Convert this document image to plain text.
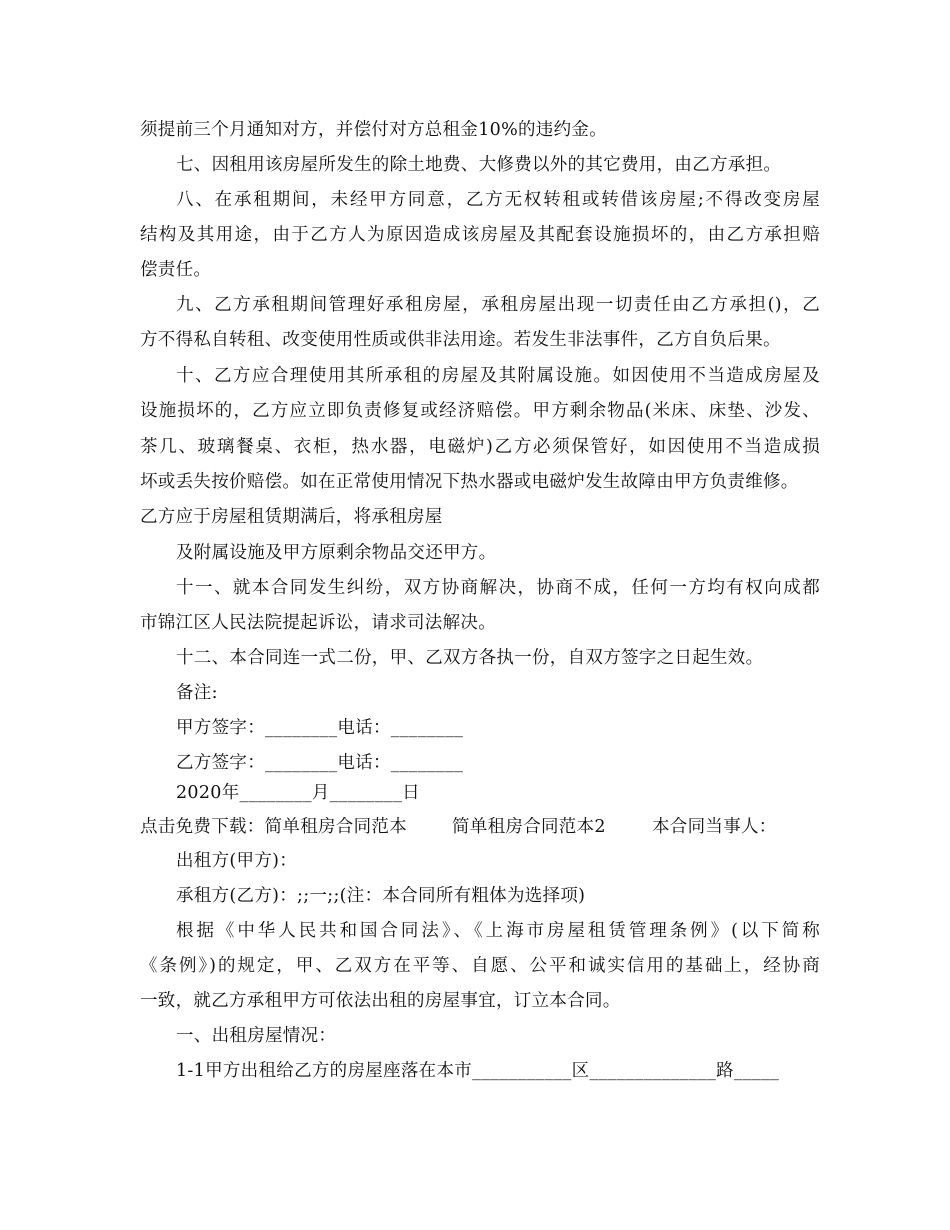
须提前三个月通知对方，并偿付对方总租金10%的违约金。
七、因租用该房屋所发生的除土地费、大修费以外的其它费用，由乙方承担。
八、在承租期间，未经甲方同意，乙方无权转租或转借该房屋;不得改变房屋
结构及其用途，由于乙方人为原因造成该房屋及其配套设施损坏的，由乙方承担赔
偿责任。
九、乙方承租期间管理好承租房屋，承租房屋出现一切责任由乙方承担()，乙
方不得私自转租、改变使用性质或供非法用途。若发生非法事件，乙方自负后果。
十、乙方应合理使用其所承租的房屋及其附属设施。如因使用不当造成房屋及
设施损坏的，乙方应立即负责修复或经济赔偿。甲方剩余物品(米床、床垫、沙发、
茶几、玻璃餐桌、衣柜，热水器，电磁炉)乙方必须保管好，如因使用不当造成损
坏或丢失按价赔偿。如在正常使用情况下热水器或电磁炉发生故障由甲方负责维修。
乙方应于房屋租赁期满后，将承租房屋
及附属设施及甲方原剩余物品交还甲方。
十一、就本合同发生纠纷，双方协商解决，协商不成，任何一方均有权向成都
市锦江区人民法院提起诉讼，请求司法解决。
十二、本合同连一式二份，甲、乙双方各执一份，自双方签字之日起生效。
备注:
甲方签字：________电话：________
乙方签字：________电话：________
2020年________月________日
点击免费下载：简单租房合同范本	简单租房合同范本2	本合同当事人：
出租方(甲方)：
承租方(乙方)：;;一;;(注：本合同所有粗体为选择项)
根据《中华人民共和国合同法》、《上海市房屋租赁管理条例》(以下简称
《条例》)的规定，甲、乙双方在平等、自愿、公平和诚实信用的基础上，经协商
一致，就乙方承租甲方可依法出租的房屋事宜，订立本合同。
一、出租房屋情况：
1-1甲方出租给乙方的房屋座落在本市___________区______________路_____
